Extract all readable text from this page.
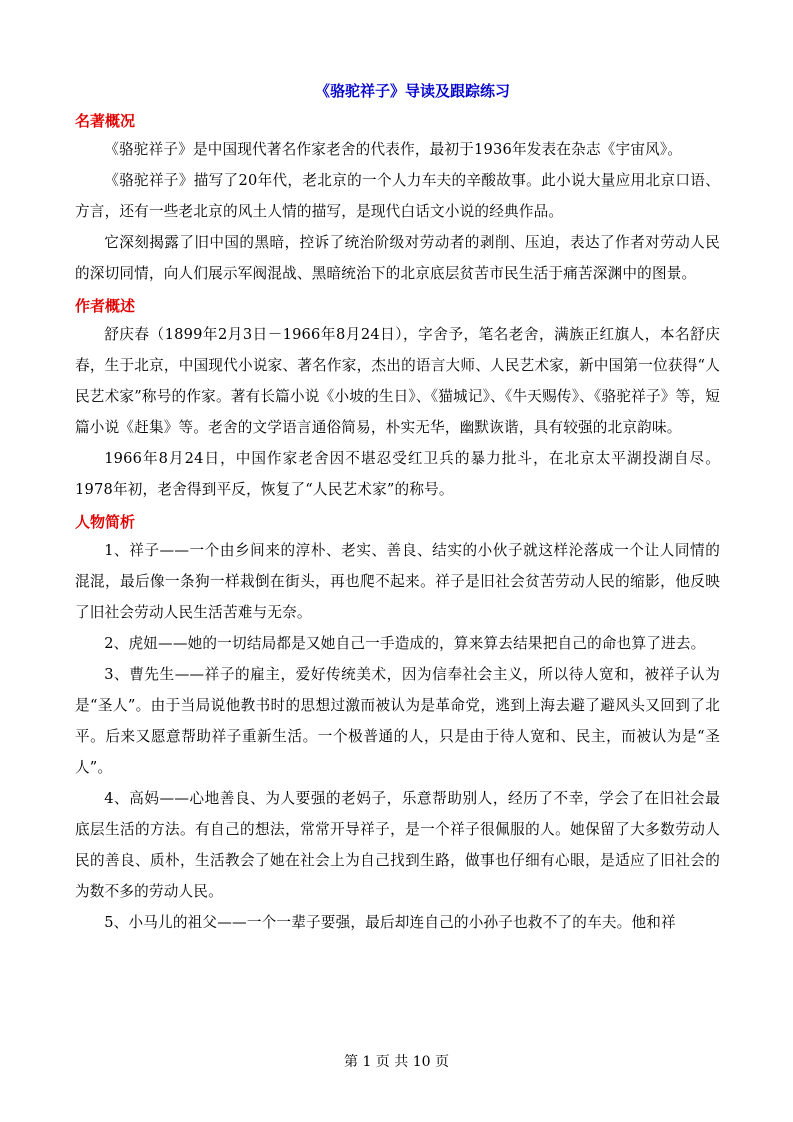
《骆驼祥子》导读及跟踪练习
名著概况

《骆驼祥子》是中国现代著名作家老舍的代表作，最初于1936年发表在杂志《宇宙风》。

《骆驼祥子》描写了20年代，老北京的一个人力车夫的辛酸故事。此小说大量应用北京口语、方言，还有一些老北京的风土人情的描写，是现代白话文小说的经典作品。

它深刻揭露了旧中国的黑暗，控诉了统治阶级对劳动者的剥削、压迫，表达了作者对劳动人民的深切同情，向人们展示军阀混战、黑暗统治下的北京底层贫苦市民生活于痛苦深渊中的图景。

作者概述

舒庆春（1899年2月3日－1966年8月24日），字舍予，笔名老舍，满族正红旗人，本名舒庆春，生于北京，中国现代小说家、著名作家，杰出的语言大师、人民艺术家，新中国第一位获得“人民艺术家”称号的作家。著有长篇小说《小坡的生日》、《猫城记》、《牛天赐传》、《骆驼祥子》等，短篇小说《赶集》等。老舍的文学语言通俗简易，朴实无华，幽默诙谐，具有较强的北京韵味。

1966年8月24日，中国作家老舍因不堪忍受红卫兵的暴力批斗，在北京太平湖投湖自尽。1978年初，老舍得到平反，恢复了“人民艺术家”的称号。

人物简析

1、祥子——一个由乡间来的淳朴、老实、善良、结实的小伙子就这样沦落成一个让人同情的混混，最后像一条狗一样栽倒在街头，再也爬不起来。祥子是旧社会贫苦劳动人民的缩影，他反映了旧社会劳动人民生活苦难与无奈。

2、虎妞——她的一切结局都是又她自己一手造成的，算来算去结果把自己的命也算了进去。

3、曹先生——祥子的雇主，爱好传统美术，因为信奉社会主义，所以待人宽和，被祥子认为是“圣人”。由于当局说他教书时的思想过激而被认为是革命党，逃到上海去避了避风头又回到了北平。后来又愿意帮助祥子重新生活。一个极普通的人，只是由于待人宽和、民主，而被认为是“圣人”。

4、高妈——心地善良、为人要强的老妈子，乐意帮助别人，经历了不幸，学会了在旧社会最底层生活的方法。有自己的想法，常常开导祥子，是一个祥子很佩服的人。她保留了大多数劳动人民的善良、质朴，生活教会了她在社会上为自己找到生路，做事也仔细有心眼，是适应了旧社会的为数不多的劳动人民。

5、小马儿的祖父——一个一辈子要强，最后却连自己的小孙子也救不了的车夫。他和祥

第 1 页 共 10 页
